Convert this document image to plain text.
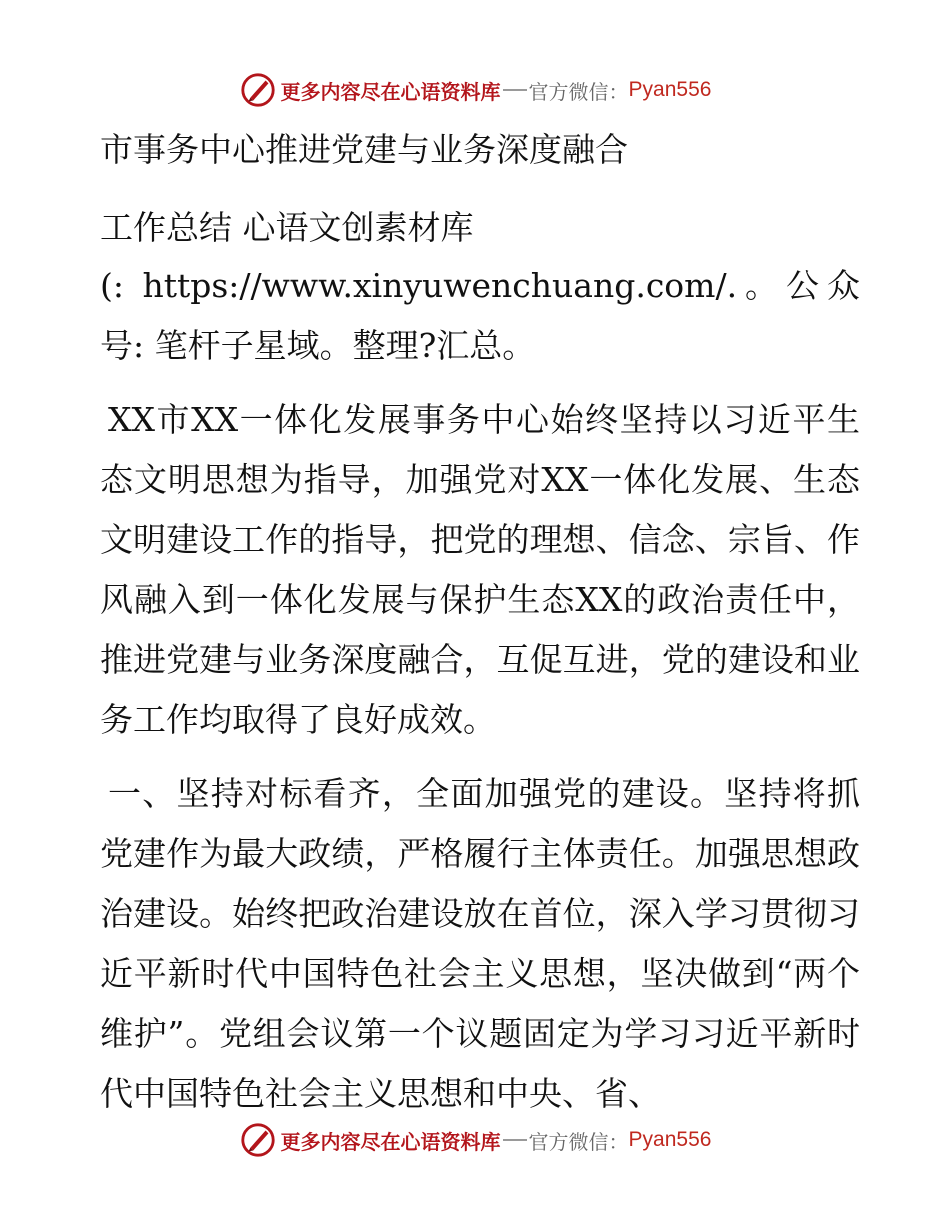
更多内容尽在心语资料库 官方微信： Pyan556
市事务中心推进党建与业务深度融合
工作总结 心语文创素材库
(: https://www.xinyuwenchuang.com/.。公众号: 笔杆子星域。整理?汇总。
XX市XX一体化发展事务中心始终坚持以习近平生态文明思想为指导，加强党对XX一体化发展、生态文明建设工作的指导，把党的理想、信念、宗旨、作风融入到一体化发展与保护生态XX的政治责任中，推进党建与业务深度融合，互促互进，党的建设和业务工作均取得了良好成效。
一、坚持对标看齐，全面加强党的建设。坚持将抓党建作为最大政绩，严格履行主体责任。加强思想政治建设。始终把政治建设放在首位，深入学习贯彻习近平新时代中国特色社会主义思想，坚决做到“两个维护”。党组会议第一个议题固定为学习习近平新时代中国特色社会主义思想和中央、省、
更多内容尽在心语资料库 官方微信： Pyan556
